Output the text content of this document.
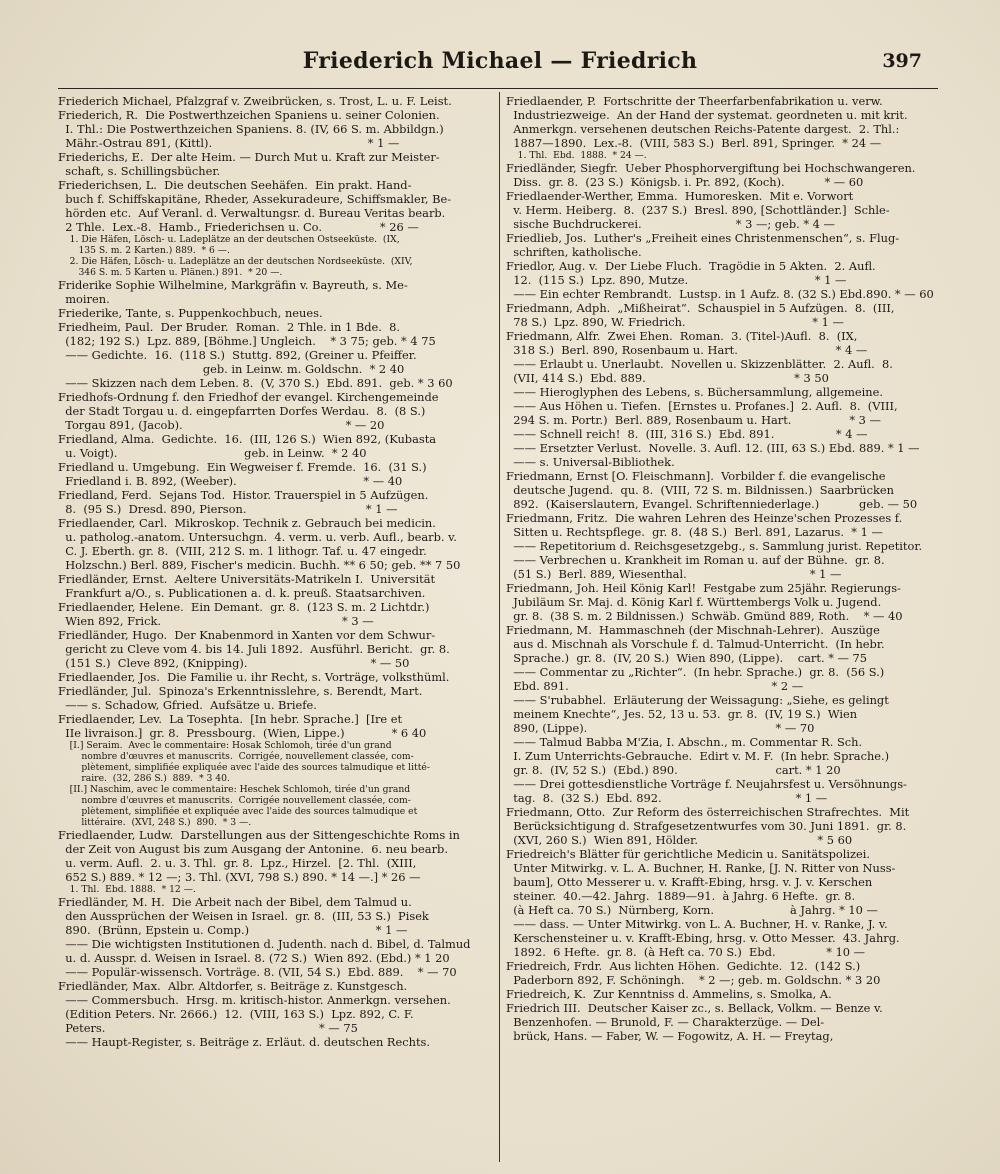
Friederich Michael — Friedrich	397
Friederich Michael, Pfalzgraf v. Zweibrücken, s. Trost, L. u. F. Leist.
Friederich, R.  Die Postwerthzeichen Spaniens u. seiner Colonien.
I. Thl.: Die Postwerthzeichen Spaniens. 8. (IV, 66 S. m. Abbildgn.)
Mähr.-Ostrau 891, (Kittl).                                           * 1 —
Friederichs, E.  Der alte Heim. — Durch Mut u. Kraft zur Meister-
schaft, s. Schillingsbücher.
Friederichsen, L.  Die deutschen Seehäfen.  Ein prakt. Hand-
buch f. Schiffskapitäne, Rheder, Assekuradeure, Schiffsmakler, Be-
hörden etc.  Auf Veranl. d. Verwaltungsr. d. Bureau Veritas bearb.
2 Thle.  Lex.-8.  Hamb., Friederichsen u. Co.                * 26 —
1. Die Häfen, Lösch- u. Ladeplätze an der deutschen Ostseeküste.  (IX,
135 S. m. 2 Karten.) 889.  * 6 —.
2. Die Häfen, Lösch- u. Ladeplätze an der deutschen Nordseeküste.  (XIV,
346 S. m. 5 Karten u. Plänen.) 891.  * 20 —.
Friderike Sophie Wilhelmine, Markgräfin v. Bayreuth, s. Me-
moiren.
Friederike, Tante, s. Puppenkochbuch, neues.
Friedheim, Paul.  Der Bruder.  Roman.  2 Thle. in 1 Bde.  8.
(182; 192 S.)  Lpz. 889, [Böhme.] Ungleich.    * 3 75; geb. * 4 75
—— Gedichte.  16.  (118 S.)  Stuttg. 892, (Greiner u. Pfeiffer.
geb. in Leinw. m. Goldschn.  * 2 40
—— Skizzen nach dem Leben. 8.  (V, 370 S.)  Ebd. 891.  geb. * 3 60
Friedhofs-Ordnung f. den Friedhof der evangel. Kirchengemeinde
der Stadt Torgau u. d. eingepfarrten Dorfes Werdau.  8.  (8 S.)
Torgau 891, (Jacob).                                             * — 20
Friedland, Alma.  Gedichte.  16.  (III, 126 S.)  Wien 892, (Kubasta
u. Voigt).                                   geb. in Leinw.  * 2 40
Friedland u. Umgebung.  Ein Wegweiser f. Fremde.  16.  (31 S.)
Friedland i. B. 892, (Weeber).                                   * — 40
Friedland, Ferd.  Sejans Tod.  Histor. Trauerspiel in 5 Aufzügen.
8.  (95 S.)  Dresd. 890, Pierson.                                 * 1 —
Friedlaender, Carl.  Mikroskop. Technik z. Gebrauch bei medicin.
u. patholog.-anatom. Untersuchgn.  4. verm. u. verb. Aufl., bearb. v.
C. J. Eberth. gr. 8.  (VIII, 212 S. m. 1 lithogr. Taf. u. 47 eingedr.
Holzschn.) Berl. 889, Fischer's medicin. Buchh. ** 6 50; geb. ** 7 50
Friedländer, Ernst.  Aeltere Universitäts-Matrikeln I.  Universität
Frankfurt a/O., s. Publicationen a. d. k. preuß. Staatsarchiven.
Friedlaender, Helene.  Ein Demant.  gr. 8.  (123 S. m. 2 Lichtdr.)
Wien 892, Frick.                                                  * 3 —
Friedländer, Hugo.  Der Knabenmord in Xanten vor dem Schwur-
gericht zu Cleve vom 4. bis 14. Juli 1892.  Ausführl. Bericht.  gr. 8.
(151 S.)  Cleve 892, (Knipping).                                  * — 50
Friedlaender, Jos.  Die Familie u. ihr Recht, s. Vorträge, volksthüml.
Friedländer, Jul.  Spinoza's Erkenntnisslehre, s. Berendt, Mart.
—— s. Schadow, Gfried.  Aufsätze u. Briefe.
Friedlaender, Lev.  La Tosephta.  [In hebr. Sprache.]  [Ire et
IIe livraison.]  gr. 8.  Pressbourg.  (Wien, Lippe.)             * 6 40
[I.] Seraim.  Avec le commentaire: Hosak Schlomoh, tirée d'un grand
nombre d'œuvres et manuscrits.  Corrigée, nouvellement classée, com-
plètement, simplifiée expliquée avec l'aide des sources talmudique et litté-
raire.  (32, 286 S.)  889.  * 3 40.
[II.] Naschim, avec le commentaire: Heschek Schlomoh, tirée d'un grand
nombre d'œuvres et manuscrits.  Corrigée nouvellement classée, com-
plètement, simplifiée et expliquée avec l'aide des sources talmudique et
littéraire.  (XVI, 248 S.)  890.  * 3 —.
Friedlaender, Ludw.  Darstellungen aus der Sittengeschichte Roms in
der Zeit von August bis zum Ausgang der Antonine.  6. neu bearb.
u. verm. Aufl.  2. u. 3. Thl.  gr. 8.  Lpz., Hirzel.  [2. Thl.  (XIII,
652 S.) 889. * 12 —; 3. Thl. (XVI, 798 S.) 890. * 14 —.] * 26 —
1. Thl.  Ebd. 1888.  * 12 —.
Friedländer, M. H.  Die Arbeit nach der Bibel, dem Talmud u.
den Aussprüchen der Weisen in Israel.  gr. 8.  (III, 53 S.)  Pisek
890.  (Brünn, Epstein u. Comp.)                                   * 1 —
—— Die wichtigsten Institutionen d. Judenth. nach d. Bibel, d. Talmud
u. d. Ausspr. d. Weisen in Israel. 8. (72 S.)  Wien 892. (Ebd.) * 1 20
—— Populär-wissensch. Vorträge. 8. (VII, 54 S.)  Ebd. 889.    * — 70
Friedländer, Max.  Albr. Altdorfer, s. Beiträge z. Kunstgesch.
—— Commersbuch.  Hrsg. m. kritisch-histor. Anmerkgn. versehen.
(Edition Peters. Nr. 2666.)  12.  (VIII, 163 S.)  Lpz. 892, C. F.
Peters.                                                           * — 75
—— Haupt-Register, s. Beiträge z. Erläut. d. deutschen Rechts.
Friedlaender, P.  Fortschritte der Theerfarbenfabrikation u. verw.
Industriezweige.  An der Hand der systemat. geordneten u. mit krit.
Anmerkgn. versehenen deutschen Reichs-Patente dargest.  2. Thl.:
1887—1890.  Lex.-8.  (VIII, 583 S.)  Berl. 891, Springer.  * 24 —
1. Thl.  Ebd.  1888.  * 24 —.
Friedländer, Siegfr.  Ueber Phosphorvergiftung bei Hochschwangeren.
Diss.  gr. 8.  (23 S.)  Königsb. i. Pr. 892, (Koch).           * — 60
Friedlaender-Werther, Emma.  Humoresken.  Mit e. Vorwort
v. Herm. Heiberg.  8.  (237 S.)  Bresl. 890, [Schottländer.]  Schle-
sische Buchdruckerei.                          * 3 —; geb. * 4 —
Friedlieb, Jos.  Luther's „Freiheit eines Christenmenschen“, s. Flug-
schriften, katholische.
Friedlor, Aug. v.  Der Liebe Fluch.  Tragödie in 5 Akten.  2. Aufl.
12.  (115 S.)  Lpz. 890, Mutze.                                   * 1 —
—— Ein echter Rembrandt.  Lustsp. in 1 Aufz. 8. (32 S.) Ebd.890. * — 60
Friedmann, Adph.  „Mißheirat“.  Schauspiel in 5 Aufzügen.  8.  (III,
78 S.)  Lpz. 890, W. Friedrich.                                   * 1 —
Friedmann, Alfr.  Zwei Ehen.  Roman.  3. (Titel-)Aufl.  8.  (IX,
318 S.)  Berl. 890, Rosenbaum u. Hart.                           * 4 —
—— Erlaubt u. Unerlaubt.  Novellen u. Skizzenblätter.  2. Aufl.  8.
(VII, 414 S.)  Ebd. 889.                                         * 3 50
—— Hieroglyphen des Lebens, s. Büchersammlung, allgemeine.
—— Aus Höhen u. Tiefen.  [Ernstes u. Profanes.]  2. Aufl.  8.  (VIII,
294 S. m. Portr.)  Berl. 889, Rosenbaum u. Hart.                * 3 —
—— Schnell reich!  8.  (III, 316 S.)  Ebd. 891.                 * 4 —
—— Ersetzter Verlust.  Novelle. 3. Aufl. 12. (III, 63 S.) Ebd. 889. * 1 —
—— s. Universal-Bibliothek.
Friedmann, Ernst [O. Fleischmann].  Vorbilder f. die evangelische
deutsche Jugend.  qu. 8.  (VIII, 72 S. m. Bildnissen.)  Saarbrücken
892.  (Kaiserslautern, Evangel. Schriftenniederlage.)           geb. — 50
Friedmann, Fritz.  Die wahren Lehren des Heinze'schen Prozesses f.
Sitten u. Rechtspflege.  gr. 8.  (48 S.)  Berl. 891, Lazarus.  * 1 —
—— Repetitorium d. Reichsgesetzgebg., s. Sammlung jurist. Repetitor.
—— Verbrechen u. Krankheit im Roman u. auf der Bühne.  gr. 8.
(51 S.)  Berl. 889, Wiesenthal.                                  * 1 —
Friedmann, Joh. Heil König Karl!  Festgabe zum 25jähr. Regierungs-
Jubiläum Sr. Maj. d. König Karl f. Württembergs Volk u. Jugend.
gr. 8.  (38 S. m. 2 Bildnissen.)  Schwäb. Gmünd 889, Roth.    * — 40
Friedmann, M.  Hammaschneh (der Mischnah-Lehrer).  Auszüge
aus d. Mischnah als Vorschule f. d. Talmud-Unterricht.  (In hebr.
Sprache.)  gr. 8.  (IV, 20 S.)  Wien 890, (Lippe).    cart. * — 75
—— Commentar zu „Richter“.  (In hebr. Sprache.)  gr. 8.  (56 S.)
Ebd. 891.                                                        * 2 —
—— S'rubabhel.  Erläuterung der Weissagung: „Siehe, es gelingt
meinem Knechte“, Jes. 52, 13 u. 53.  gr. 8.  (IV, 19 S.)  Wien
890, (Lippe).                                                    * — 70
—— Talmud Babba M'Zia, I. Abschn., m. Commentar R. Sch.
I. Zum Unterrichts-Gebrauche.  Edirt v. M. F.  (In hebr. Sprache.)
gr. 8.  (IV, 52 S.)  (Ebd.) 890.                           cart. * 1 20
—— Drei gottesdienstliche Vorträge f. Neujahrsfest u. Versöhnungs-
tag.  8.  (32 S.)  Ebd. 892.                                     * 1 —
Friedmann, Otto.  Zur Reform des österreichischen Strafrechtes.  Mit
Berücksichtigung d. Strafgesetzentwurfes vom 30. Juni 1891.  gr. 8.
(XVI, 260 S.)  Wien 891, Hölder.                                 * 5 60
Friedreich's Blätter für gerichtliche Medicin u. Sanitätspolizei.
Unter Mitwirkg. v. L. A. Buchner, H. Ranke, [J. N. Ritter von Nuss-
baum], Otto Messerer u. v. Krafft-Ebing, hrsg. v. J. v. Kerschen
steiner.  40.—42. Jahrg.  1889—91.  à Jahrg. 6 Hefte.  gr. 8.
(à Heft ca. 70 S.)  Nürnberg, Korn.                     à Jahrg. * 10 —
—— dass. — Unter Mitwirkg. von L. A. Buchner, H. v. Ranke, J. v.
Kerschensteiner u. v. Krafft-Ebing, hrsg. v. Otto Messer.  43. Jahrg.
1892.  6 Hefte.  gr. 8.  (à Heft ca. 70 S.)  Ebd.              * 10 —
Friedreich, Frdr.  Aus lichten Höhen.  Gedichte.  12.  (142 S.)
Paderborn 892, F. Schöningh.    * 2 —; geb. m. Goldschn. * 3 20
Friedreich, K.  Zur Kenntniss d. Ammelins, s. Smolka, A.
Friedrich III.  Deutscher Kaiser zc., s. Bellack, Volkm. — Benze v.
Benzenhofen. — Brunold, F. — Charakterzüge. — Del-
brück, Hans. — Faber, W. — Fogowitz, A. H. — Freytag,
